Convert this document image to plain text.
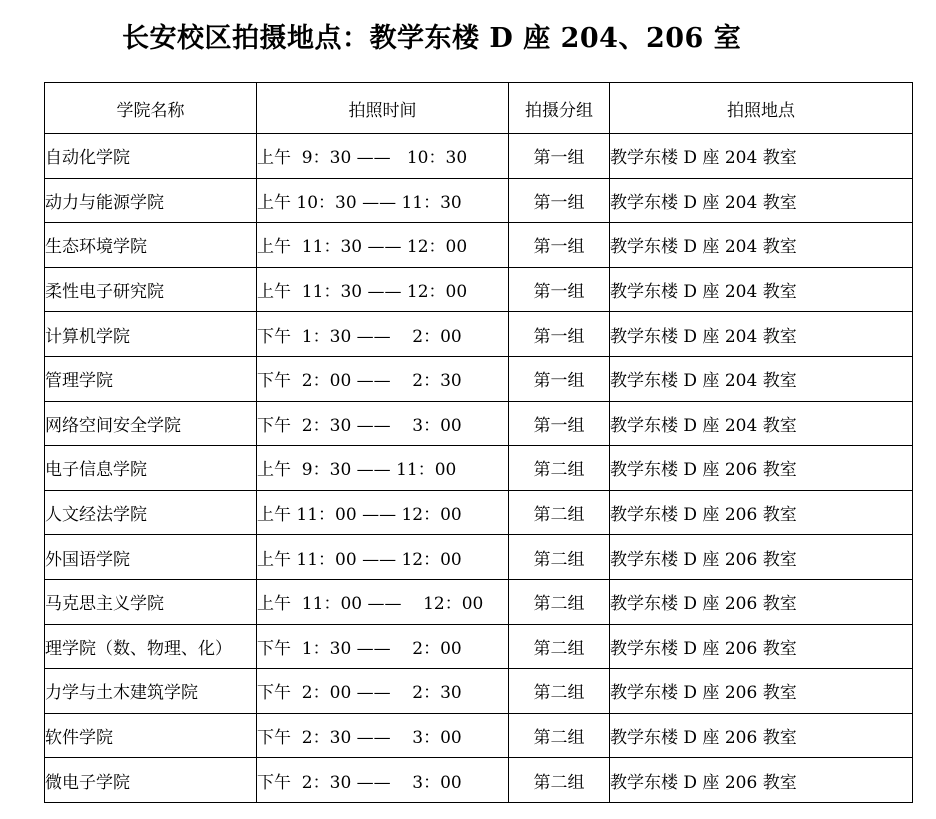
长安校区拍摄地点：教学东楼 D 座 204、206 室
学院名称	拍照时间	拍摄分组	拍照地点
自动化学院	上午  9：30 ——   10：30	第一组	教学东楼 D 座 204 教室
动力与能源学院	上午 10：30 —— 11：30	第一组	教学东楼 D 座 204 教室
生态环境学院	上午  11：30 —— 12：00	第一组	教学东楼 D 座 204 教室
柔性电子研究院	上午  11：30 —— 12：00	第一组	教学东楼 D 座 204 教室
计算机学院	下午  1：30 ——    2：00	第一组	教学东楼 D 座 204 教室
管理学院	下午  2：00 ——    2：30	第一组	教学东楼 D 座 204 教室
网络空间安全学院	下午  2：30 ——    3：00	第一组	教学东楼 D 座 204 教室
电子信息学院	上午  9：30 —— 11：00	第二组	教学东楼 D 座 206 教室
人文经法学院	上午 11：00 —— 12：00	第二组	教学东楼 D 座 206 教室
外国语学院	上午 11：00 —— 12：00	第二组	教学东楼 D 座 206 教室
马克思主义学院	上午  11：00 ——    12：00	第二组	教学东楼 D 座 206 教室
理学院（数、物理、化）	下午  1：30 ——    2：00	第二组	教学东楼 D 座 206 教室
力学与土木建筑学院	下午  2：00 ——    2：30	第二组	教学东楼 D 座 206 教室
软件学院	下午  2：30 ——    3：00	第二组	教学东楼 D 座 206 教室
微电子学院	下午  2：30 ——    3：00	第二组	教学东楼 D 座 206 教室
